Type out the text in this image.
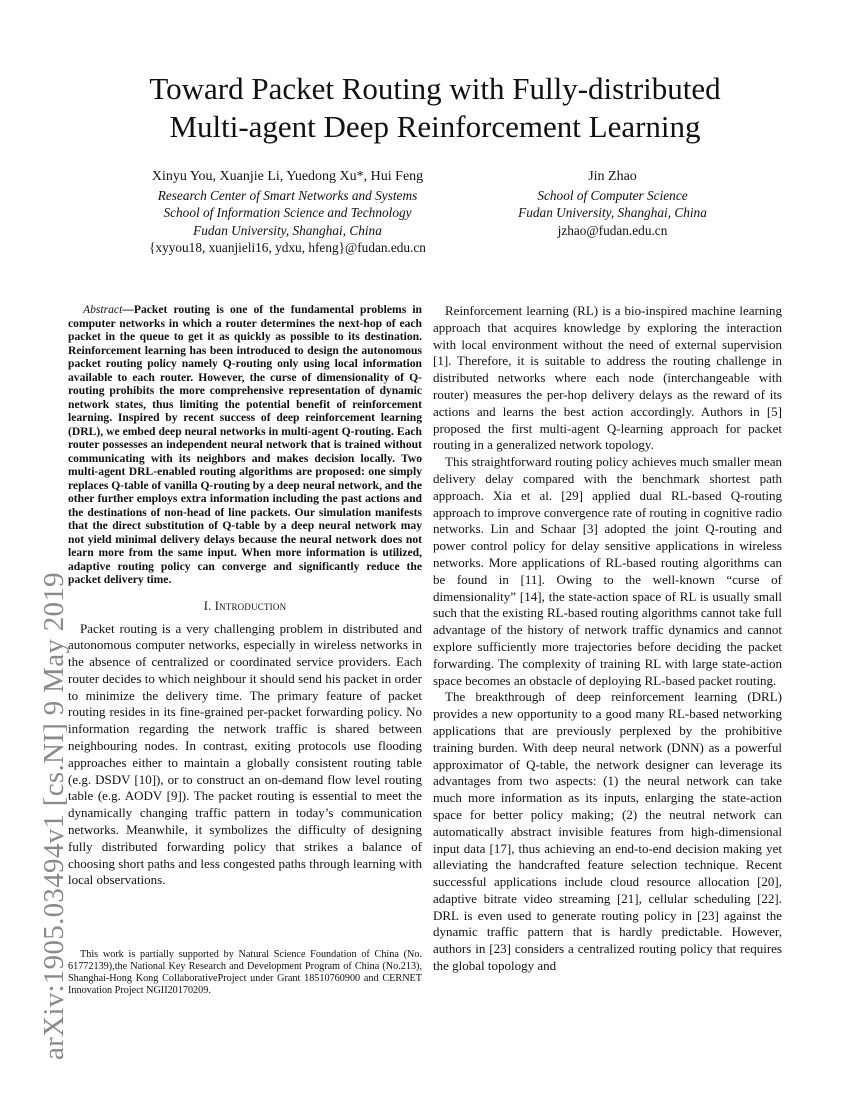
arXiv:1905.03494v1 [cs.NI] 9 May 2019
Toward Packet Routing with Fully-distributed
Multi-agent Deep Reinforcement Learning
Xinyu You, Xuanjie Li, Yuedong Xu*, Hui Feng
Research Center of Smart Networks and Systems
School of Information Science and Technology
Fudan University, Shanghai, China
{xyyou18, xuanjieli16, ydxu, hfeng}@fudan.edu.cn
Jin Zhao
School of Computer Science
Fudan University, Shanghai, China
jzhao@fudan.edu.cn

Abstract—Packet routing is one of the fundamental problems in computer networks in which a router determines the next-hop of each packet in the queue to get it as quickly as possible to its destination. Reinforcement learning has been introduced to design the autonomous packet routing policy namely Q-routing only using local information available to each router. However, the curse of dimensionality of Q-routing prohibits the more comprehensive representation of dynamic network states, thus limiting the potential benefit of reinforcement learning. Inspired by recent success of deep reinforcement learning (DRL), we embed deep neural networks in multi-agent Q-routing. Each router possesses an independent neural network that is trained without communicating with its neighbors and makes decision locally. Two multi-agent DRL-enabled routing algorithms are proposed: one simply replaces Q-table of vanilla Q-routing by a deep neural network, and the other further employs extra information including the past actions and the destinations of non-head of line packets. Our simulation manifests that the direct substitution of Q-table by a deep neural network may not yield minimal delivery delays because the neural network does not learn more from the same input. When more information is utilized, adaptive routing policy can converge and significantly reduce the packet delivery time.

I. Introduction

Packet routing is a very challenging problem in distributed and autonomous computer networks, especially in wireless networks in the absence of centralized or coordinated service providers. Each router decides to which neighbour it should send his packet in order to minimize the delivery time. The primary feature of packet routing resides in its fine-grained per-packet forwarding policy. No information regarding the network traffic is shared between neighbouring nodes. In contrast, exiting protocols use flooding approaches either to maintain a globally consistent routing table (e.g. DSDV [10]), or to construct an on-demand flow level routing table (e.g. AODV [9]). The packet routing is essential to meet the dynamically changing traffic pattern in today’s communication networks. Meanwhile, it symbolizes the difficulty of designing fully distributed forwarding policy that strikes a balance of choosing short paths and less congested paths through learning with local observations.

This work is partially supported by Natural Science Foundation of China (No. 61772139),the National Key Research and Development Program of China (No.213), Shanghai-Hong Kong CollaborativeProject under Grant 18510760900 and CERNET Innovation Project NGII20170209.

Reinforcement learning (RL) is a bio-inspired machine learning approach that acquires knowledge by exploring the interaction with local environment without the need of external supervision [1]. Therefore, it is suitable to address the routing challenge in distributed networks where each node (interchangeable with router) measures the per-hop delivery delays as the reward of its actions and learns the best action accordingly. Authors in [5] proposed the first multi-agent Q-learning approach for packet routing in a generalized network topology.

This straightforward routing policy achieves much smaller mean delivery delay compared with the benchmark shortest path approach. Xia et al. [29] applied dual RL-based Q-routing approach to improve convergence rate of routing in cognitive radio networks. Lin and Schaar [3] adopted the joint Q-routing and power control policy for delay sensitive applications in wireless networks. More applications of RL-based routing algorithms can be found in [11]. Owing to the well-known “curse of dimensionality” [14], the state-action space of RL is usually small such that the existing RL-based routing algorithms cannot take full advantage of the history of network traffic dynamics and cannot explore sufficiently more trajectories before deciding the packet forwarding. The complexity of training RL with large state-action space becomes an obstacle of deploying RL-based packet routing.

The breakthrough of deep reinforcement learning (DRL) provides a new opportunity to a good many RL-based networking applications that are previously perplexed by the prohibitive training burden. With deep neural network (DNN) as a powerful approximator of Q-table, the network designer can leverage its advantages from two aspects: (1) the neural network can take much more information as its inputs, enlarging the state-action space for better policy making; (2) the neutral network can automatically abstract invisible features from high-dimensional input data [17], thus achieving an end-to-end decision making yet alleviating the handcrafted feature selection technique. Recent successful applications include cloud resource allocation [20], adaptive bitrate video streaming [21], cellular scheduling [22]. DRL is even used to generate routing policy in [23] against the dynamic traffic pattern that is hardly predictable. However, authors in [23] considers a centralized routing policy that requires the global topology and
